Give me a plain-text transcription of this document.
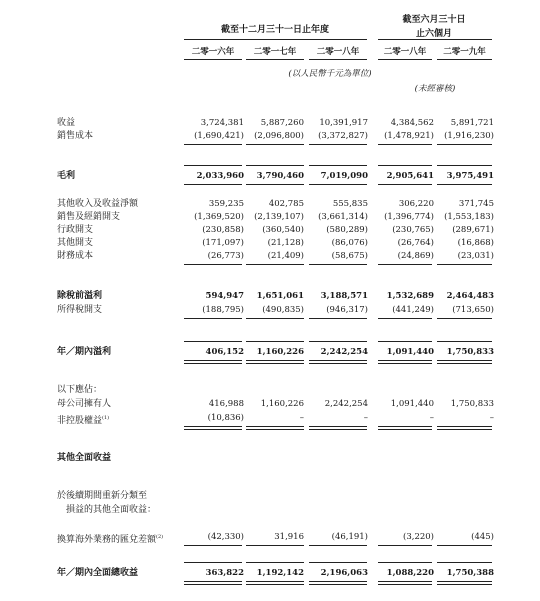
截至十二月三十一日止年度
截至六月三十日
止六個月
二零一六年	二零一七年	二零一八年	二零一八年	二零一九年
(以人民幣千元為單位)
(未經審核)
收益	3,724,381	5,887,260	10,391,917	4,384,562	5,891,721
銷售成本	(1,690,421)	(2,096,800)	(3,372,827)	(1,478,921)	(1,916,230)
毛利	2,033,960	3,790,460	7,019,090	2,905,641	3,975,491
其他收入及收益淨額	359,235	402,785	555,835	306,220	371,745
銷售及經銷開支	(1,369,520)	(2,139,107)	(3,661,314)	(1,396,774)	(1,553,183)
行政開支	(230,858)	(360,540)	(580,289)	(230,765)	(289,671)
其他開支	(171,097)	(21,128)	(86,076)	(26,764)	(16,868)
財務成本	(26,773)	(21,409)	(58,675)	(24,869)	(23,031)
除稅前溢利	594,947	1,651,061	3,188,571	1,532,689	2,464,483
所得稅開支	(188,795)	(490,835)	(946,317)	(441,249)	(713,650)
年／期內溢利	406,152	1,160,226	2,242,254	1,091,440	1,750,833
以下應佔：
母公司擁有人	416,988	1,160,226	2,242,254	1,091,440	1,750,833
非控股權益$^{(1)}$	(10,836)	–	–	–	–
其他全面收益
於後續期間重新分類至
　損益的其他全面收益：
換算海外業務的匯兌差額$^{(2)}$	(42,330)	31,916	(46,191)	(3,220)	(445)
年／期內全面總收益	363,822	1,192,142	2,196,063	1,088,220	1,750,388
